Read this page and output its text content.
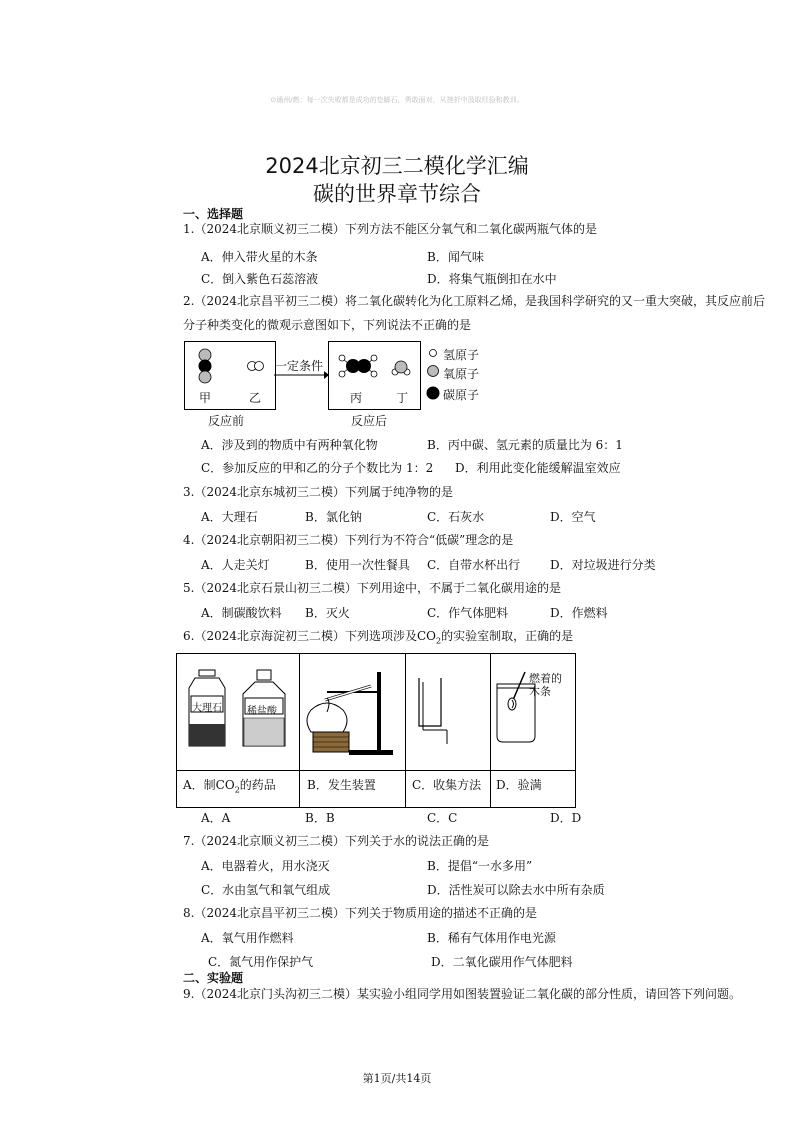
⊙通州/燃：每一次失败都是成功的垫脚石，勇敢面对，从挫折中汲取经验和教训。
2024北京初三二模化学汇编
碳的世界章节综合
一、选择题
1.（2024北京顺义初三二模）下列方法不能区分氧气和二氧化碳两瓶气体的是
A．伸入带火星的木条	B．闻气味
C．倒入紫色石蕊溶液	D．将集气瓶倒扣在水中
2.（2024北京昌平初三二模）将二氧化碳转化为化工原料乙烯，是我国科学研究的又一重大突破，其反应前后分子种类变化的微观示意图如下，下列说法不正确的是
甲	乙
一定条件
丙	丁
反应前	反应后
氢原子
氧原子
碳原子
A．涉及到的物质中有两种氧化物	B．丙中碳、氢元素的质量比为 6：1
C．参加反应的甲和乙的分子个数比为 1：2 D．利用此变化能缓解温室效应
3.（2024北京东城初三二模）下列属于纯净物的是
A．大理石	B．氯化钠	C．石灰水	D．空气
4.（2024北京朝阳初三二模）下列行为不符合“低碳”理念的是
A．人走关灯	B．使用一次性餐具 C．自带水杯出行 D．对垃圾进行分类
5.（2024北京石景山初三二模）下列用途中，不属于二氧化碳用途的是
A．制碳酸饮料 B．灭火	C．作气体肥料	D．作燃料
6.（2024北京海淀初三二模）下列选项涉及$CO_2$的实验室制取，正确的是
大理石	稀盐酸
燃着的
木条
A．制$CO_2$的药品	B．发生装置	C．收集方法 D．验满
A．A	B．B	C．C	D．D
7.（2024北京顺义初三二模）下列关于水的说法正确的是
A．电器着火，用水浇灭	B．提倡“一水多用”
C．水由氢气和氧气组成	D．活性炭可以除去水中所有杂质
8.（2024北京昌平初三二模）下列关于物质用途的描述不正确的是
A．氧气用作燃料	B．稀有气体用作电光源
C．氮气用作保护气	D．二氧化碳用作气体肥料
二、实验题
9.（2024北京门头沟初三二模）某实验小组同学用如图装置验证二氧化碳的部分性质，请回答下列问题。
第1页/共14页
